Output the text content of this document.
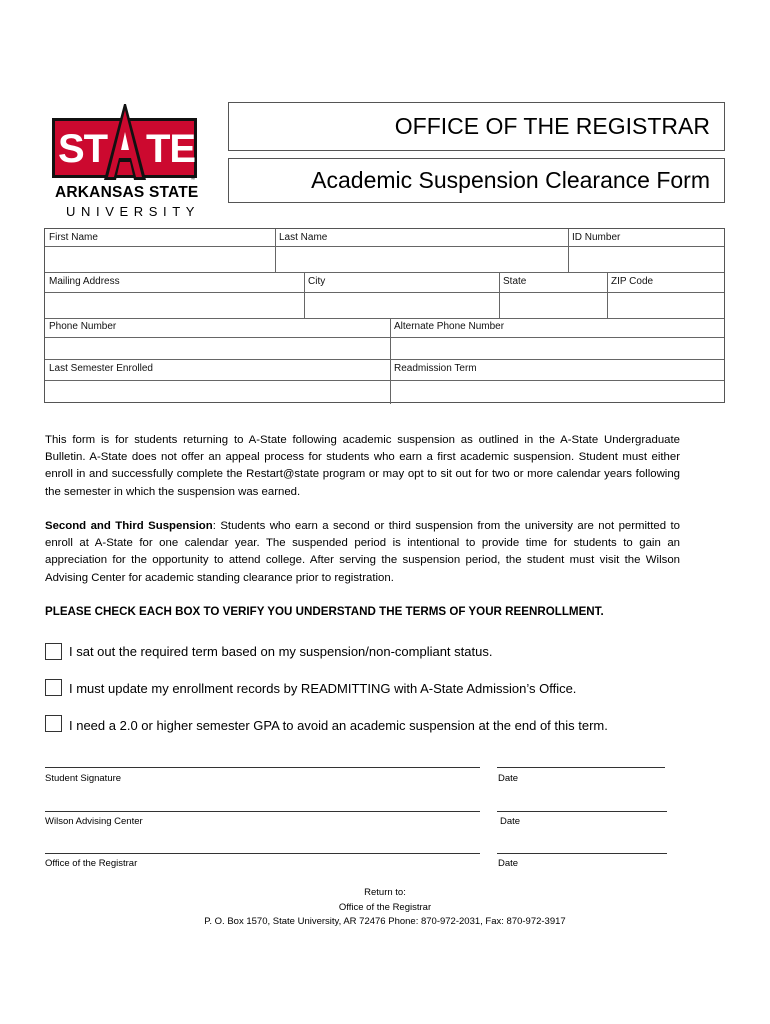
ST TE
™
ARKANSAS STATE
UNIVERSITY
OFFICE OF THE REGISTRAR
Academic Suspension Clearance Form
First Name	Last Name	ID Number
Mailing Address	City	State	ZIP Code
Phone Number	Alternate Phone Number
Last Semester Enrolled	Readmission Term
This form is for students returning to A-State following academic suspension as outlined in the A-State Undergraduate Bulletin. A-State does not offer an appeal process for students who earn a first academic suspension. Student must either enroll in and successfully complete the Restart@state program or may opt to sit out for two or more calendar years following the semester in which the suspension was earned.
Second and Third Suspension: Students who earn a second or third suspension from the university are not permitted to enroll at A-State for one calendar year. The suspended period is intentional to provide time for students to gain an appreciation for the opportunity to attend college. After serving the suspension period, the student must visit the Wilson Advising Center for academic standing clearance prior to registration.
PLEASE CHECK EACH BOX TO VERIFY YOU UNDERSTAND THE TERMS OF YOUR REENROLLMENT.
I sat out the required term based on my suspension/non-compliant status.
I must update my enrollment records by READMITTING with A-State Admission’s Office.
I need a 2.0 or higher semester GPA to avoid an academic suspension at the end of this term.
Student Signature	Date
Wilson Advising Center	Date
Office of the Registrar	Date
Return to:
Office of the Registrar
P. O. Box 1570, State University, AR 72476 Phone: 870-972-2031, Fax: 870-972-3917
